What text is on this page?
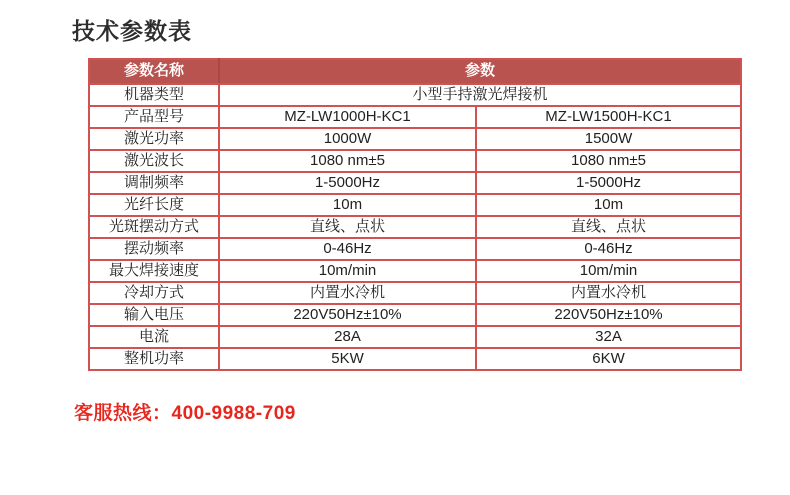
技术参数表
参数名称	参数	
机器类型	小型手持激光焊接机	
产品型号	MZ-LW1000H-KC1	MZ-LW1500H-KC1
激光功率	1000W	1500W
激光波长	1080 nm±5	1080 nm±5
调制频率	1-5000Hz	1-5000Hz
光纤长度	10m	10m
光斑摆动方式	直线、点状	直线、点状
摆动频率	0-46Hz	0-46Hz
最大焊接速度	10m/min	10m/min
冷却方式	内置水冷机	内置水冷机
输入电压	220V50Hz±10%	220V50Hz±10%
电流	28A	32A
整机功率	5KW	6KW
客服热线：400-9988-709
